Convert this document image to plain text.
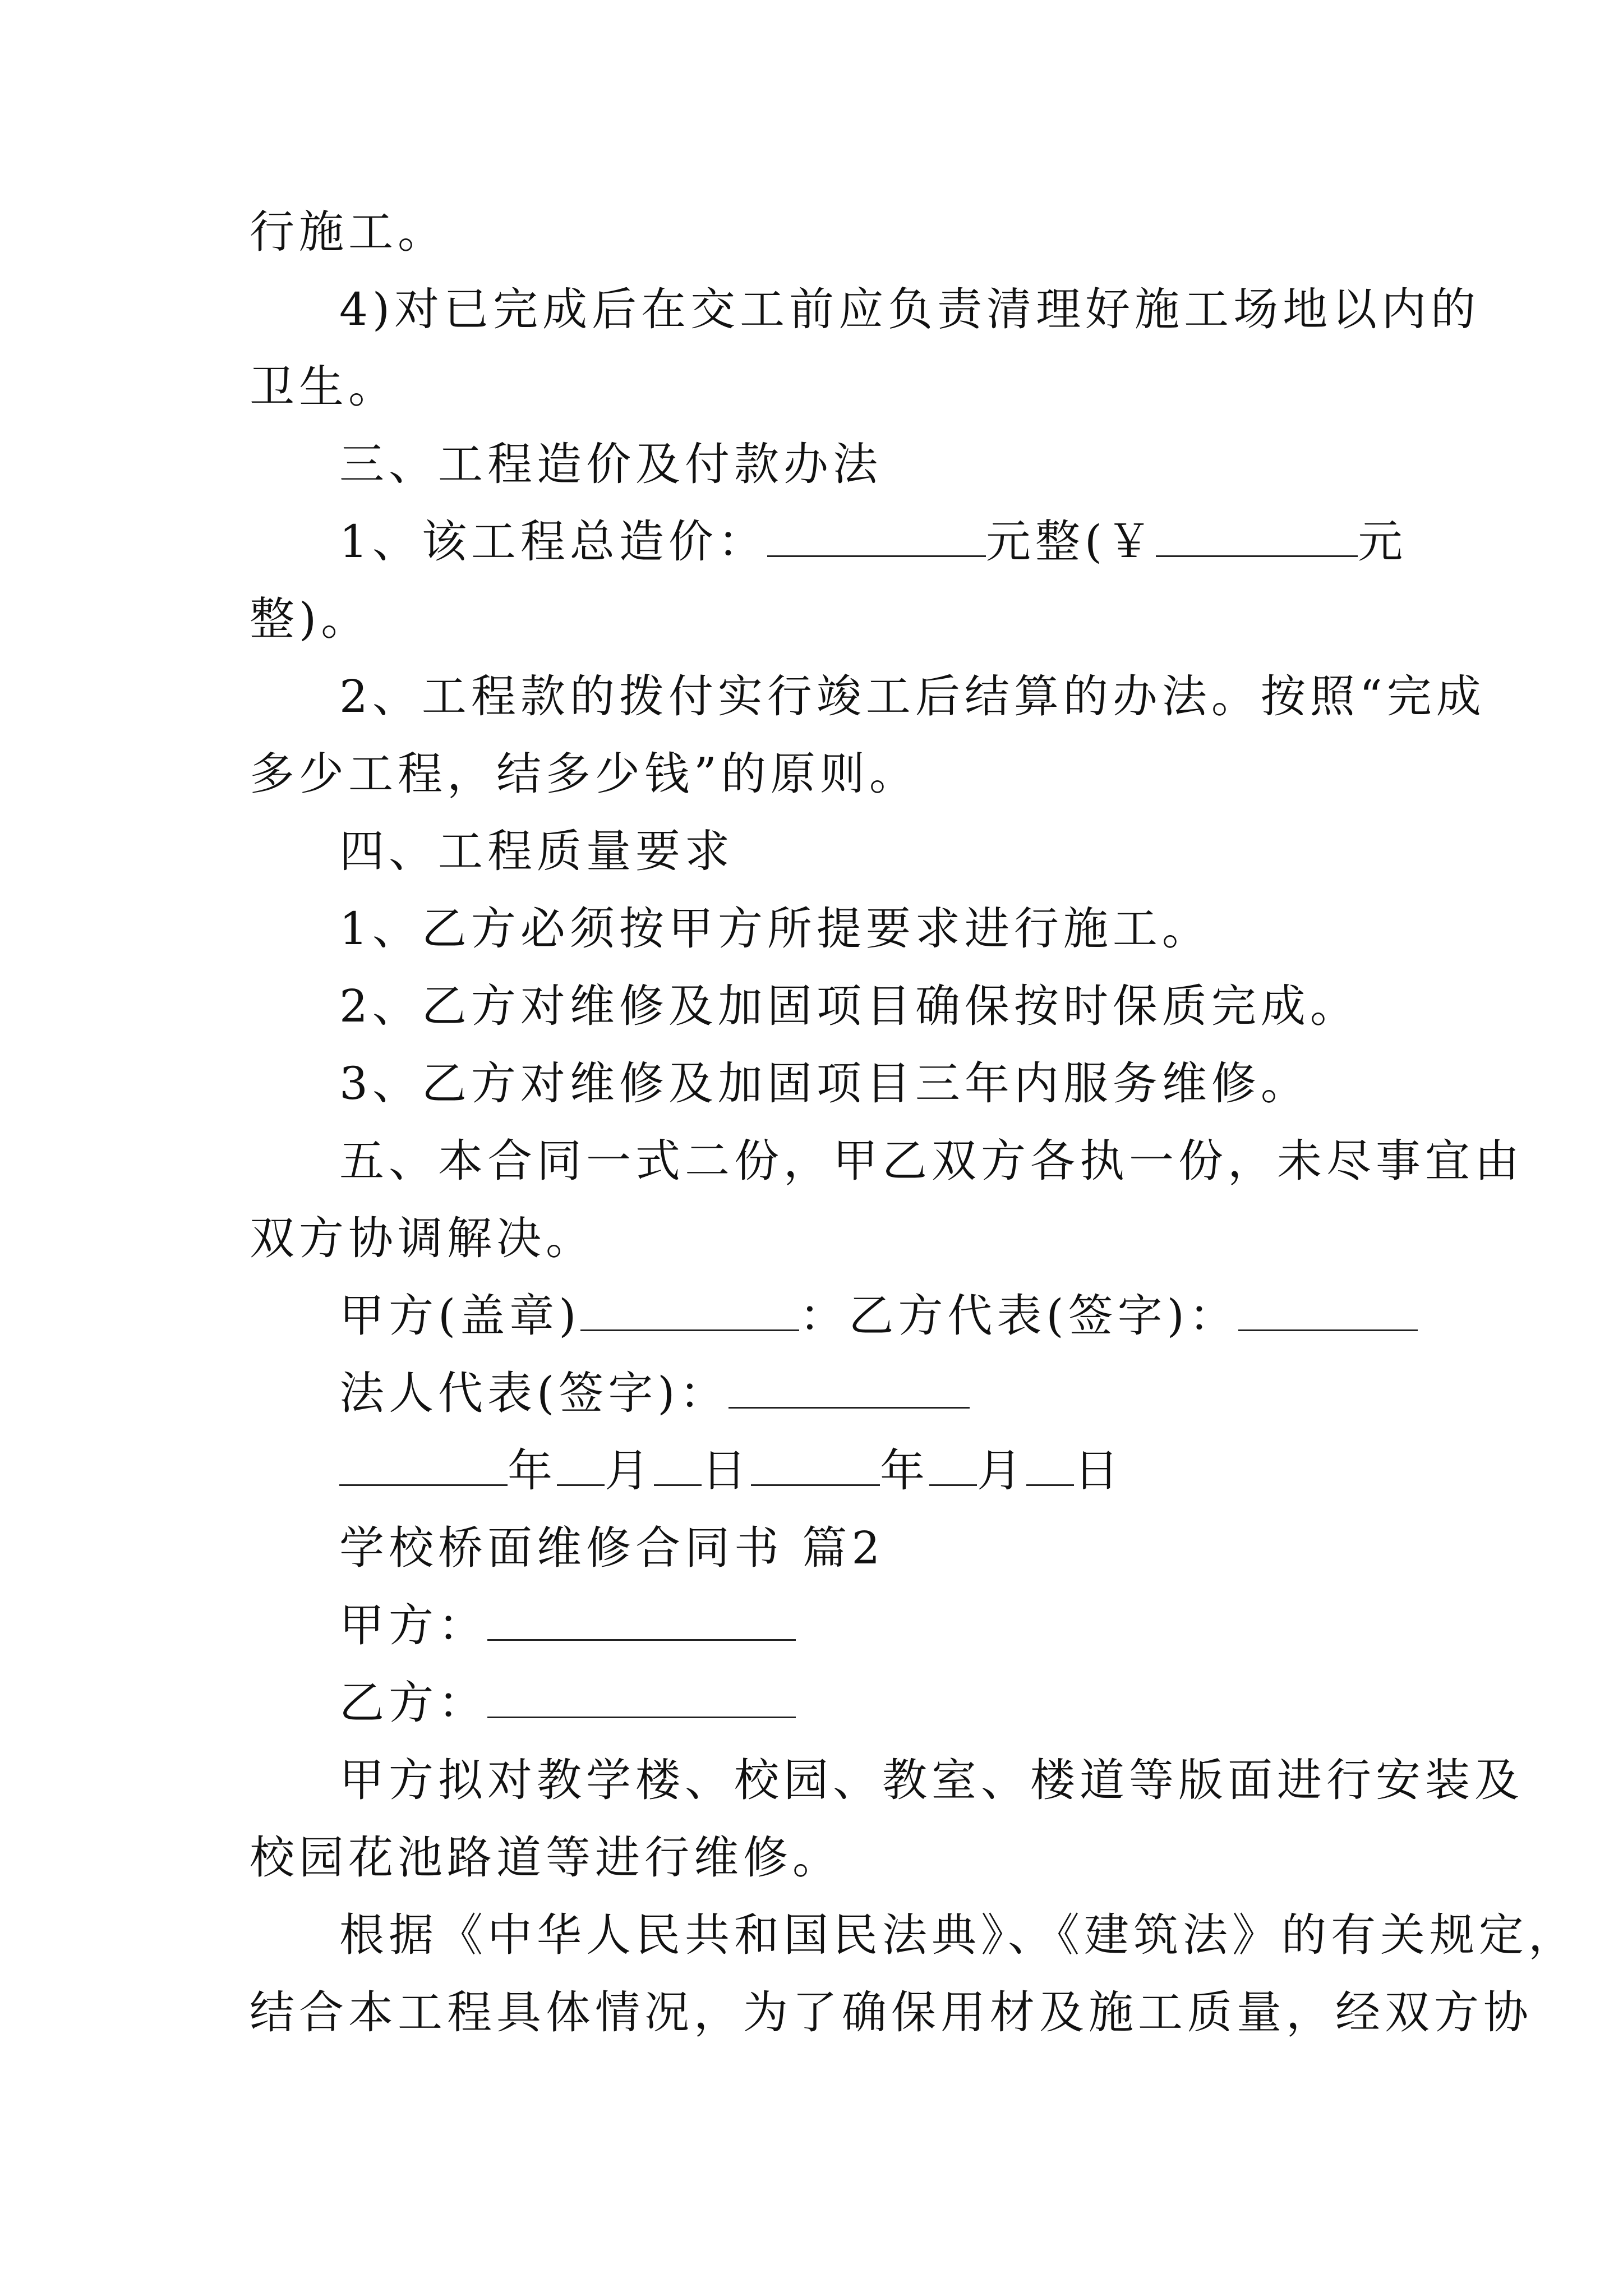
行施工。
4)对已完成后在交工前应负责清理好施工场地以内的
卫生。
三、工程造价及付款办法
1、该工程总造价：	元整(￥	元
整)。
2、工程款的拨付实行竣工后结算的办法。按照“完成
多少工程，结多少钱”的原则。
四、工程质量要求
1、乙方必须按甲方所提要求进行施工。
2、乙方对维修及加固项目确保按时保质完成。
3、乙方对维修及加固项目三年内服务维修。
五、本合同一式二份，甲乙双方各执一份，未尽事宜由
双方协调解决。
甲方(盖章)	：乙方代表(签字)：
法人代表(签字)：
年 月 日	年 月 日
学校桥面维修合同书 篇2
甲方：
乙方：
甲方拟对教学楼、校园、教室、楼道等版面进行安装及
校园花池路道等进行维修。
根据《中华人民共和国民法典》、《建筑法》的有关规定，
结合本工程具体情况，为了确保用材及施工质量，经双方协
